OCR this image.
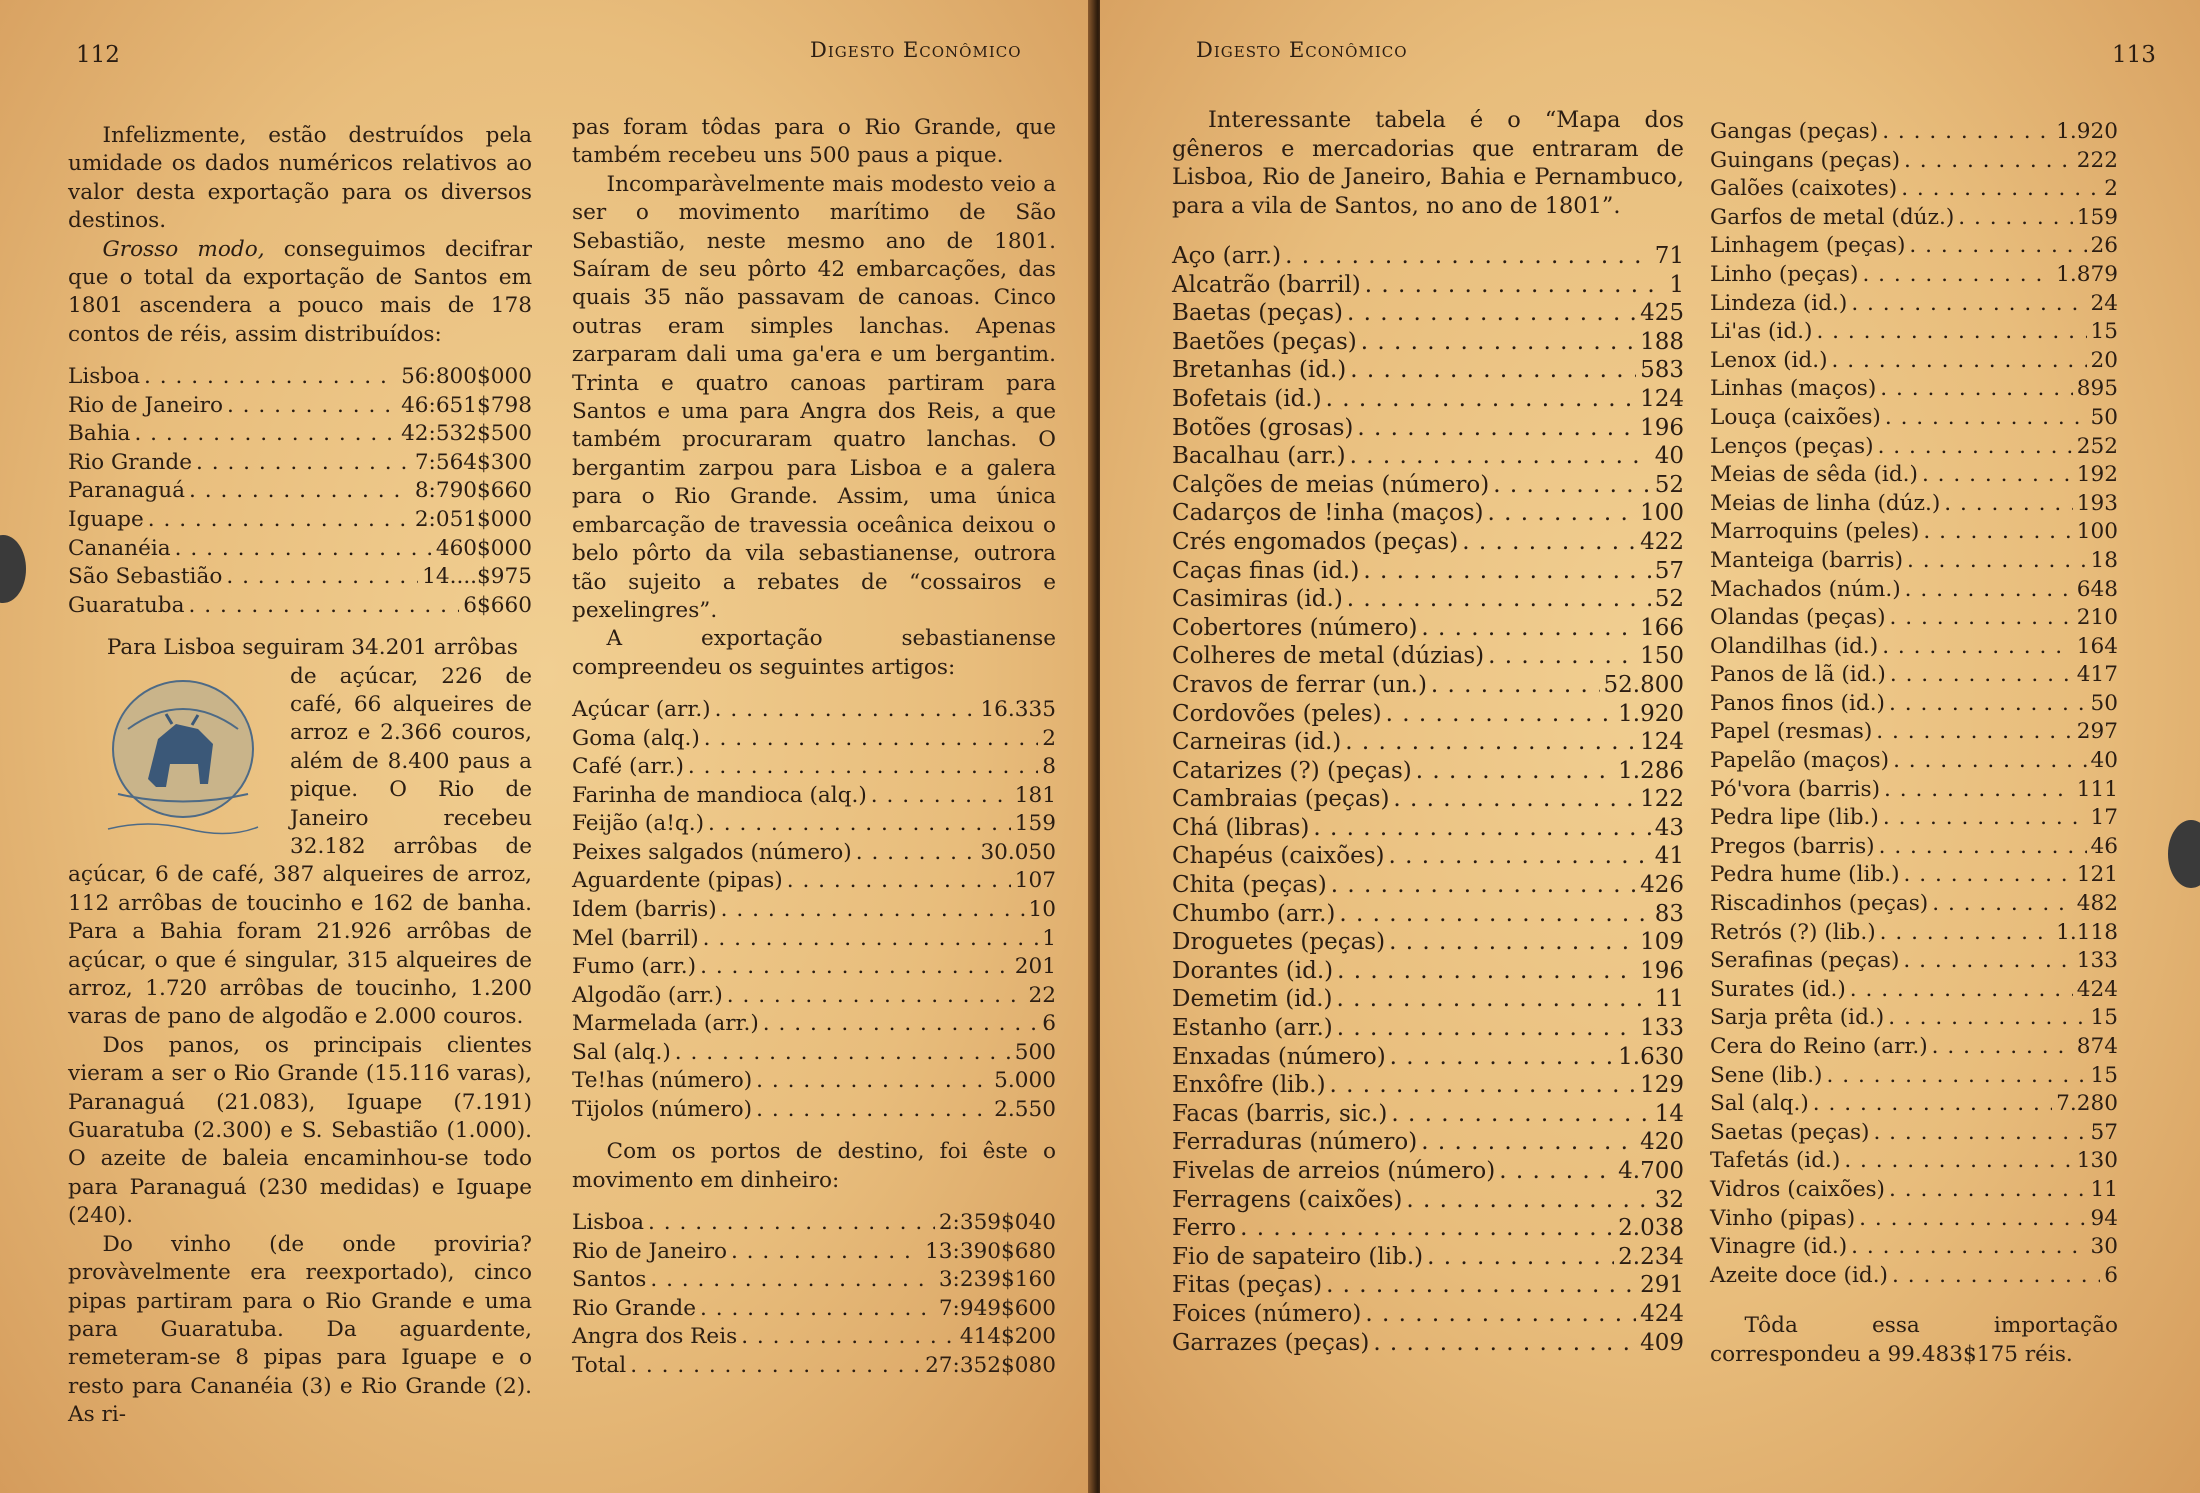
112	Digesto Econômico

Infelizmente, estão destruídos pela umidade os dados numéricos relativos ao valor desta exportação para os diversos destinos.

Grosso modo, conseguimos decifrar que o total da exportação de Santos em 1801 ascendera a pouco mais de 178 contos de réis, assim distribuídos:

Lisboa . . .	56:800$000
Rio de Janeiro . . .	46:651$798
Bahia . . .	42:532$500
Rio Grande . . .	7:564$300
Paranaguá . . .	8:790$660
Iguape . . .	2:051$000
Cananéia . . .	460$000
São Sebastião . . .	14....$975
Guaratuba . . .	6$660

Para Lisboa seguiram 34.201 arrôbas

de açúcar, 226 de café, 66 alqueires de arroz e 2.366 couros, além de 8.400 paus a pique. O Rio de Janeiro recebeu 32.182 arrôbas de açúcar, 6 de café, 387 alqueires de arroz, 112 arrôbas de toucinho e 162 de banha. Para a Bahia foram 21.926 arrôbas de açúcar, o que é singular, 315 alqueires de arroz, 1.720 arrôbas de toucinho, 1.200 varas de pano de algodão e 2.000 couros.

Dos panos, os principais clientes vieram a ser o Rio Grande (15.116 varas), Paranaguá (21.083), Iguape (7.191) Guaratuba (2.300) e S. Sebastião (1.000). O azeite de baleia encaminhou-se todo para Paranaguá (230 medidas) e Iguape (240).

Do vinho (de onde proviria? provàvelmente era reexportado), cinco pipas partiram para o Rio Grande e uma para Guaratuba. Da aguardente, remeteram-se 8 pipas para Iguape e o resto para Cananéia (3) e Rio Grande (2). As ri-

pas foram tôdas para o Rio Grande, que também recebeu uns 500 paus a pique.

Incomparàvelmente mais modesto veio a ser o movimento marítimo de São Sebastião, neste mesmo ano de 1801. Saíram de seu pôrto 42 embarcações, das quais 35 não passavam de canoas. Cinco outras eram simples lanchas. Apenas zarparam dali uma ga'era e um bergantim. Trinta e quatro canoas partiram para Santos e uma para Angra dos Reis, a que também procuraram quatro lanchas. O bergantim zarpou para Lisboa e a galera para o Rio Grande. Assim, uma única embarcação de travessia oceânica deixou o belo pôrto da vila sebastianense, outrora tão sujeito a rebates de “cossairos e pexelingres”.

A exportação sebastianense compreendeu os seguintes artigos:

Açúcar (arr.) . . .	16.335
Goma (alq.) . . .	2
Café (arr.) . . .	8
Farinha de mandioca (alq.) . . .	181
Feijão (a!q.) . . .	159
Peixes salgados (número) . . .	30.050
Aguardente (pipas) . . .	107
Idem (barris) . . .	10
Mel (barril) . . .	1
Fumo (arr.) . . .	201
Algodão (arr.) . . .	22
Marmelada (arr.) . . .	6
Sal (alq.) . . .	500
Te!has (número) . . .	5.000
Tijolos (número) . . .	2.550

Com os portos de destino, foi êste o movimento em dinheiro:

Lisboa . . .	2:359$040
Rio de Janeiro . . .	13:390$680
Santos . . .	3:239$160
Rio Grande . . .	7:949$600
Angra dos Reis . . .	414$200
Total . . .	27:352$080
Digesto Econômico	113

Interessante tabela é o “Mapa dos gêneros e mercadorias que entraram de Lisboa, Rio de Janeiro, Bahia e Pernambuco, para a vila de Santos, no ano de 1801”.

Aço (arr.) . . .	71
Alcatrão (barril) . . .	1
Baetas (peças) . . .	425
Baetões (peças) . . .	188
Bretanhas (id.) . . .	583
Bofetais (id.) . . .	124
Botões (grosas) . . .	196
Bacalhau (arr.) . . .	40
Calções de meias (número) . . .	52
Cadarços de !inha (maços) . . .	100
Crés engomados (peças) . . .	422
Caças finas (id.) . . .	57
Casimiras (id.) . . .	52
Cobertores (número) . . .	166
Colheres de metal (dúzias) . . .	150
Cravos de ferrar (un.) . . .	52.800
Cordovões (peles) . . .	1.920
Carneiras (id.) . . .	124
Catarizes (?) (peças) . . .	1.286
Cambraias (peças) . . .	122
Chá (libras) . . .	43
Chapéus (caixões) . . .	41
Chita (peças) . . .	426
Chumbo (arr.) . . .	83
Droguetes (peças) . . .	109
Dorantes (id.) . . .	196
Demetim (id.) . . .	11
Estanho (arr.) . . .	133
Enxadas (número) . . .	1.630
Enxôfre (lib.) . . .	129
Facas (barris, sic.) . . .	14
Ferraduras (número) . . .	420
Fivelas de arreios (número) . . .	4.700
Ferragens (caixões) . . .	32
Ferro . . .	2.038
Fio de sapateiro (lib.) . . .	2.234
Fitas (peças) . . .	291
Foices (número) . . .	424
Garrazes (peças) . . .	409
Gangas (peças) . . .	1.920
Guingans (peças) . . .	222
Galões (caixotes) . . .	2
Garfos de metal (dúz.) . . .	159
Linhagem (peças) . . .	26
Linho (peças) . . .	1.879
Lindeza (id.) . . .	24
Li'as (id.) . . .	15
Lenox (id.) . . .	20
Linhas (maços) . . .	895
Louça (caixões) . . .	50
Lenços (peças) . . .	252
Meias de sêda (id.) . . .	192
Meias de linha (dúz.) . . .	193
Marroquins (peles) . . .	100
Manteiga (barris) . . .	18
Machados (núm.) . . .	648
Olandas (peças) . . .	210
Olandilhas (id.) . . .	164
Panos de lã (id.) . . .	417
Panos finos (id.) . . .	50
Papel (resmas) . . .	297
Papelão (maços) . . .	40
Pó'vora (barris) . . .	111
Pedra lipe (lib.) . . .	17
Pregos (barris) . . .	46
Pedra hume (lib.) . . .	121
Riscadinhos (peças) . . .	482
Retrós (?) (lib.) . . .	1.118
Serafinas (peças) . . .	133
Surates (id.) . . .	424
Sarja prêta (id.) . . .	15
Cera do Reino (arr.) . . .	874
Sene (lib.) . . .	15
Sal (alq.) . . .	7.280
Saetas (peças) . . .	57
Tafetás (id.) . . .	130
Vidros (caixões) . . .	11
Vinho (pipas) . . .	94
Vinagre (id.) . . .	30
Azeite doce (id.) . . .	6

Tôda essa importação correspondeu a 99.483$175 réis.
